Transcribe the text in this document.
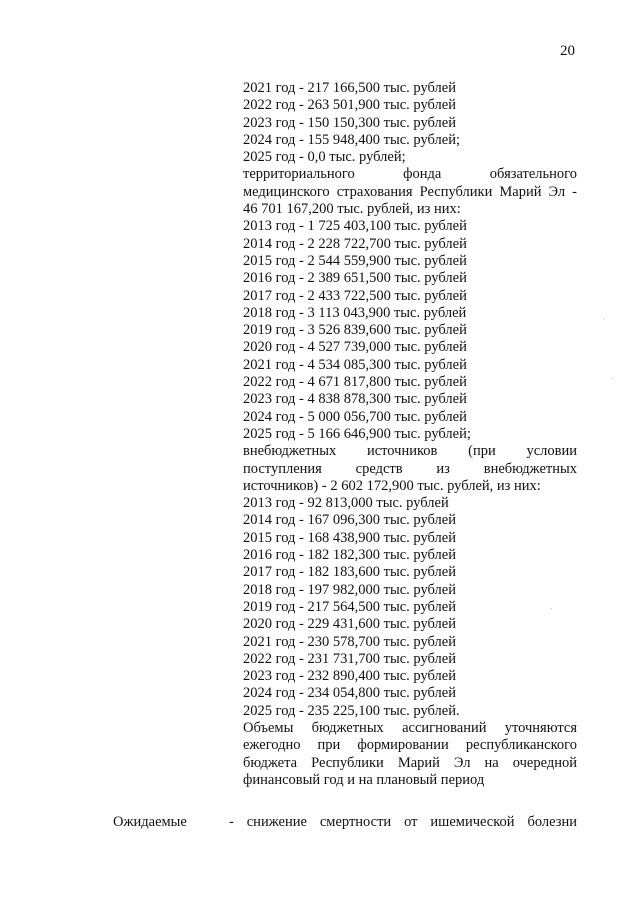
20
2021 год - 217 166,500 тыс. рублей
2022 год - 263 501,900 тыс. рублей
2023 год - 150 150,300 тыс. рублей
2024 год - 155 948,400 тыс. рублей;
2025 год - 0,0 тыс. рублей;
территориального фонда обязательного
медицинского страхования Республики Марий Эл -
46 701 167,200 тыс. рублей, из них:
2013 год - 1 725 403,100 тыс. рублей
2014 год - 2 228 722,700 тыс. рублей
2015 год - 2 544 559,900 тыс. рублей
2016 год - 2 389 651,500 тыс. рублей
2017 год - 2 433 722,500 тыс. рублей
2018 год - 3 113 043,900 тыс. рублей
2019 год - 3 526 839,600 тыс. рублей
2020 год - 4 527 739,000 тыс. рублей
2021 год - 4 534 085,300 тыс. рублей
2022 год - 4 671 817,800 тыс. рублей
2023 год - 4 838 878,300 тыс. рублей
2024 год - 5 000 056,700 тыс. рублей
2025 год - 5 166 646,900 тыс. рублей;
внебюджетных источников (при условии
поступления средств из внебюджетных
источников) - 2 602 172,900 тыс. рублей, из них:
2013 год - 92 813,000 тыс. рублей
2014 год - 167 096,300 тыс. рублей
2015 год - 168 438,900 тыс. рублей
2016 год - 182 182,300 тыс. рублей
2017 год - 182 183,600 тыс. рублей
2018 год - 197 982,000 тыс. рублей
2019 год - 217 564,500 тыс. рублей
2020 год - 229 431,600 тыс. рублей
2021 год - 230 578,700 тыс. рублей
2022 год - 231 731,700 тыс. рублей
2023 год - 232 890,400 тыс. рублей
2024 год - 234 054,800 тыс. рублей
2025 год - 235 225,100 тыс. рублей.
Объемы бюджетных ассигнований уточняются
ежегодно при формировании республиканского
бюджета Республики Марий Эл на очередной
финансовый год и на плановый период
Ожидаемые	- снижение смертности от ишемической болезни
